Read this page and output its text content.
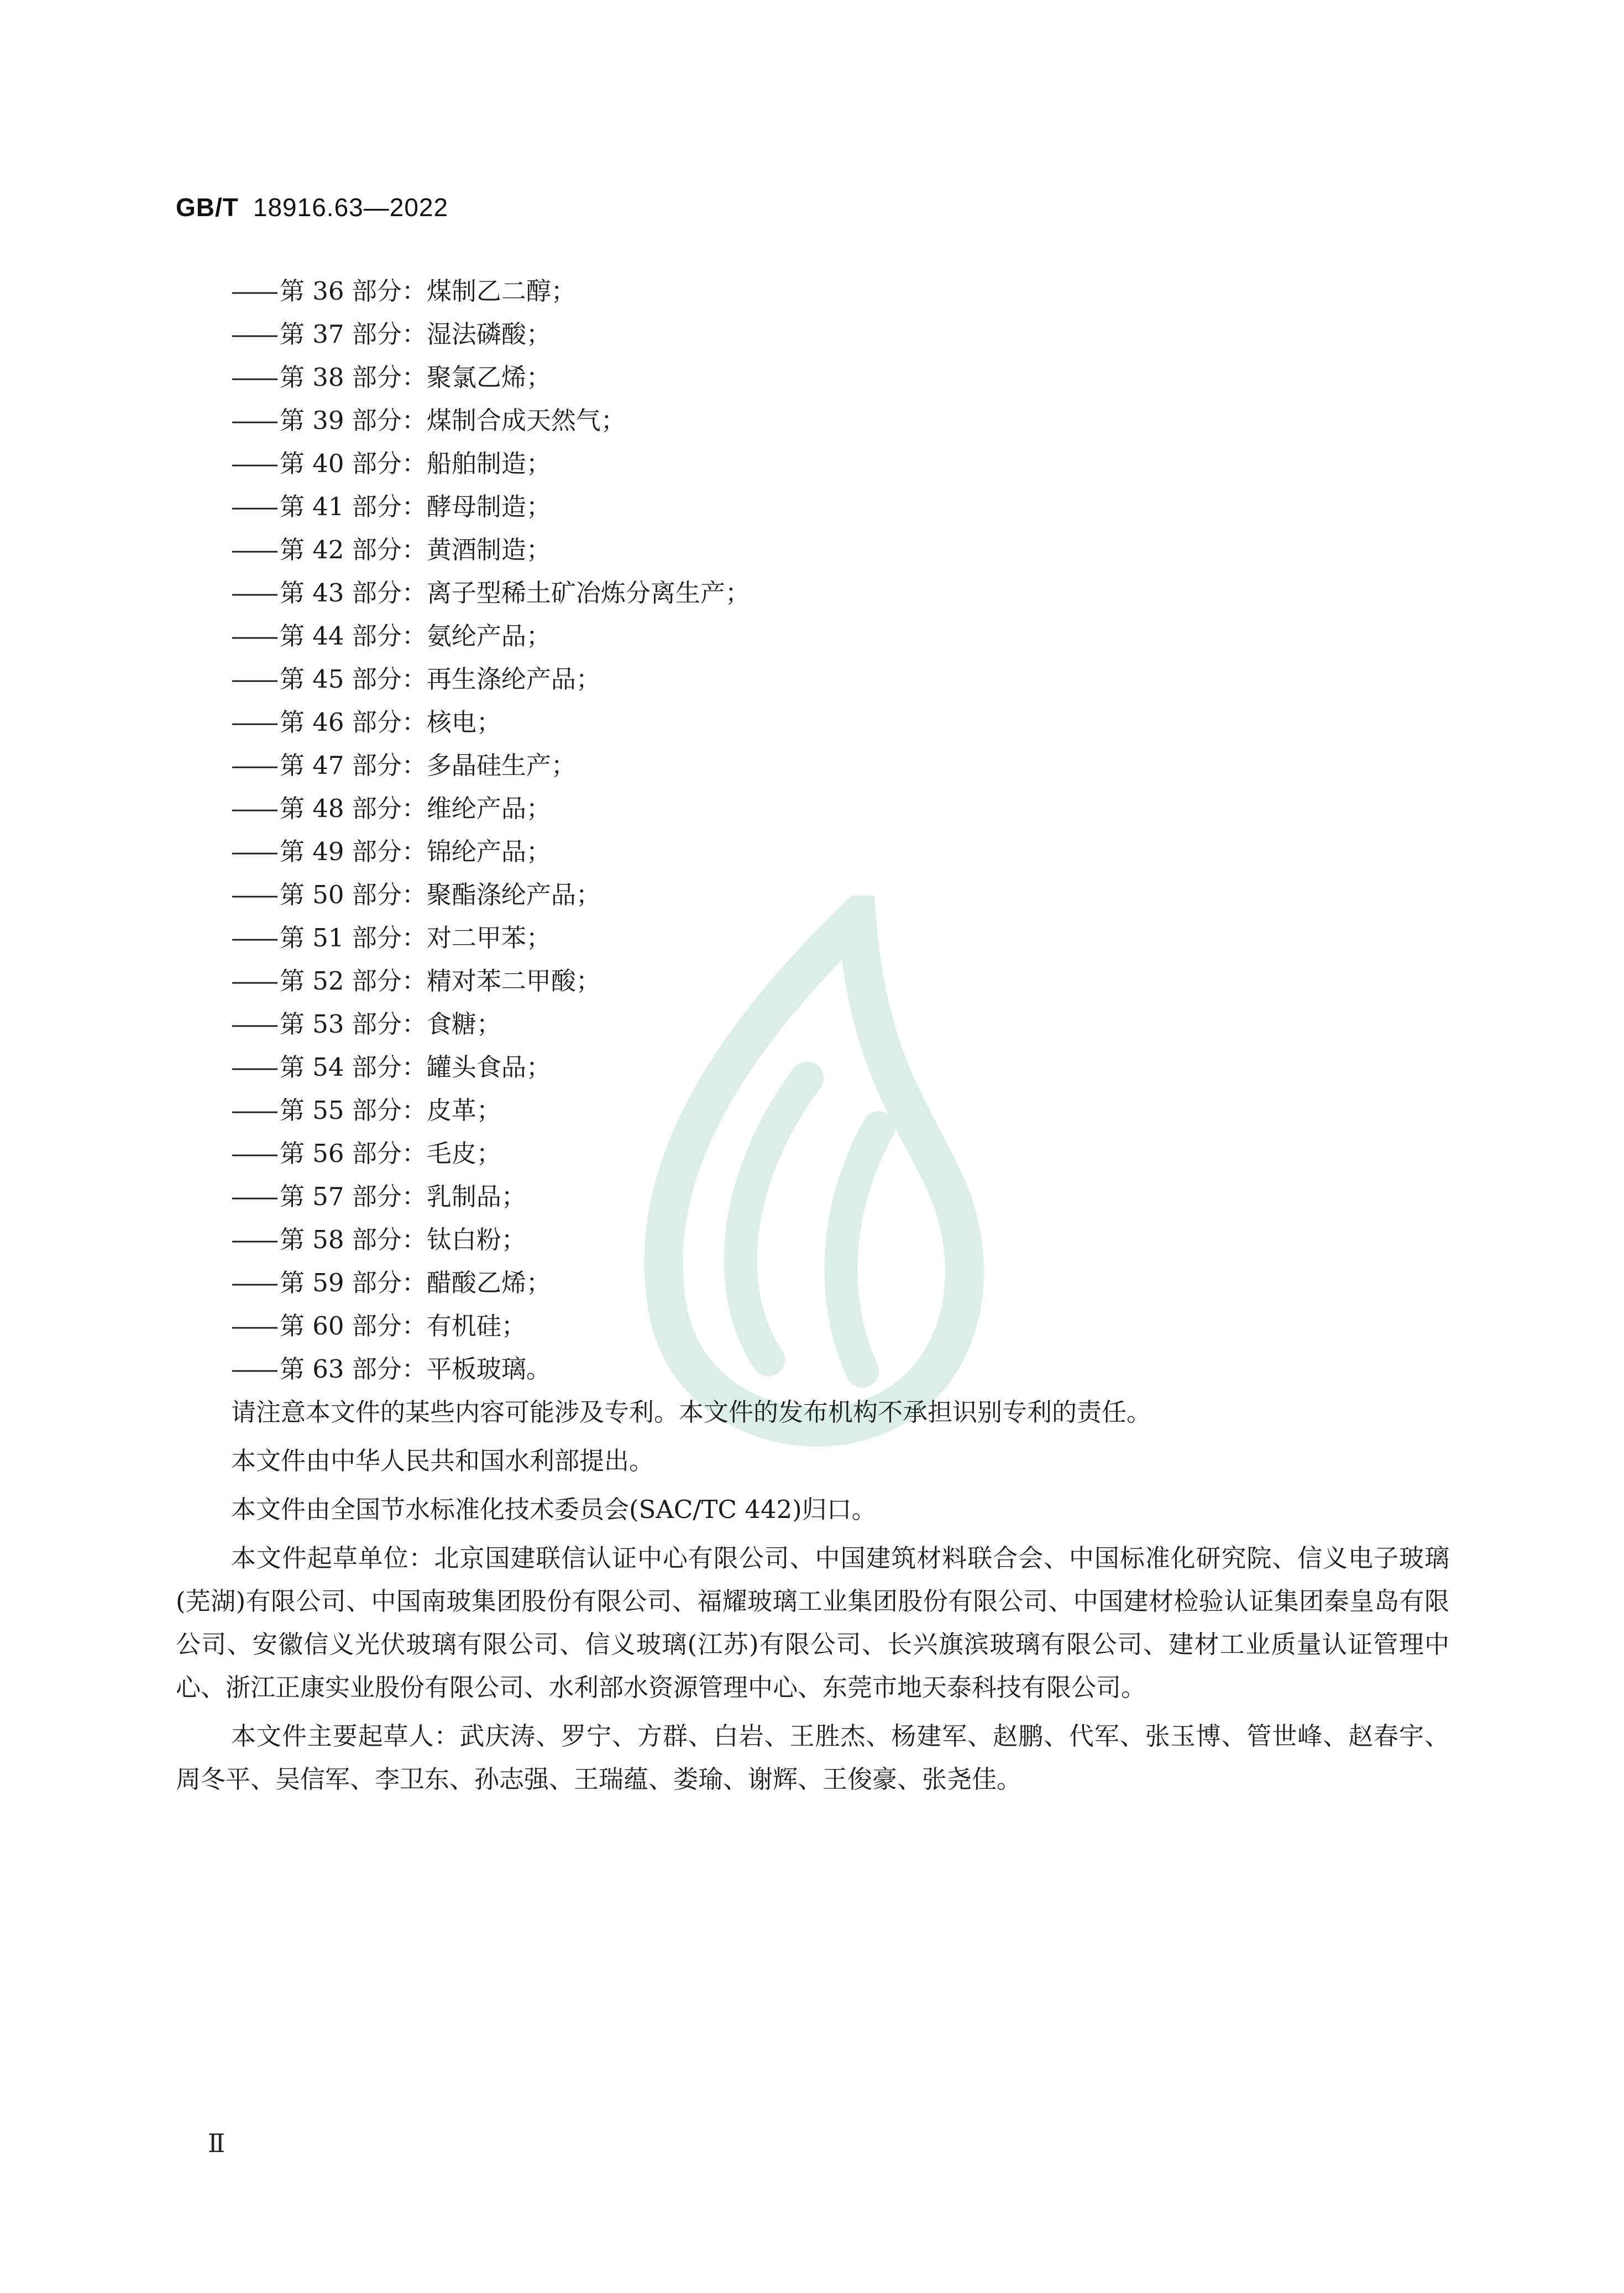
GB/T 18916.63—2022
—— 第 36 部分：煤制乙二醇；
—— 第 37 部分：湿法磷酸；
—— 第 38 部分：聚氯乙烯；
—— 第 39 部分：煤制合成天然气；
—— 第 40 部分：船舶制造；
—— 第 41 部分：酵母制造；
—— 第 42 部分：黄酒制造；
—— 第 43 部分：离子型稀土矿冶炼分离生产；
—— 第 44 部分：氨纶产品；
—— 第 45 部分：再生涤纶产品；
—— 第 46 部分：核电；
—— 第 47 部分：多晶硅生产；
—— 第 48 部分：维纶产品；
—— 第 49 部分：锦纶产品；
—— 第 50 部分：聚酯涤纶产品；
—— 第 51 部分：对二甲苯；
—— 第 52 部分：精对苯二甲酸；
—— 第 53 部分：食糖；
—— 第 54 部分：罐头食品；
—— 第 55 部分：皮革；
—— 第 56 部分：毛皮；
—— 第 57 部分：乳制品；
—— 第 58 部分：钛白粉；
—— 第 59 部分：醋酸乙烯；
—— 第 60 部分：有机硅；
—— 第 63 部分：平板玻璃。

请注意本文件的某些内容可能涉及专利。本文件的发布机构不承担识别专利的责任。

本文件由中华人民共和国水利部提出。

本文件由全国节水标准化技术委员会(SAC/TC 442)归口。

本文件起草单位：北京国建联信认证中心有限公司、中国建筑材料联合会、中国标准化研究院、信义电子玻璃(芜湖)有限公司、中国南玻集团股份有限公司、福耀玻璃工业集团股份有限公司、中国建材检验认证集团秦皇岛有限公司、安徽信义光伏玻璃有限公司、信义玻璃(江苏)有限公司、长兴旗滨玻璃有限公司、建材工业质量认证管理中心、浙江正康实业股份有限公司、水利部水资源管理中心、东莞市地天泰科技有限公司。

本文件主要起草人：武庆涛、罗宁、方群、白岩、王胜杰、杨建军、赵鹏、代军、张玉博、管世峰、赵春宇、周冬平、吴信军、李卫东、孙志强、王瑞蕴、娄瑜、谢辉、王俊豪、张尧佳。

Ⅱ
